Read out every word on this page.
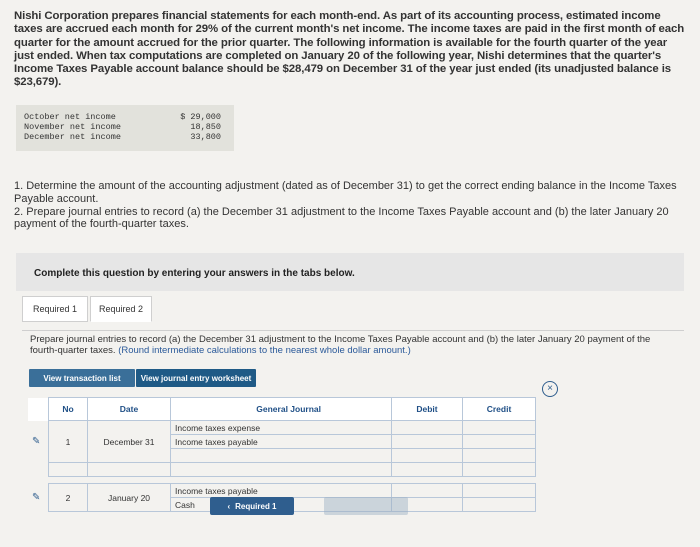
Nishi Corporation prepares financial statements for each month-end. As part of its accounting process, estimated income taxes are accrued each month for 29% of the current month's net income. The income taxes are paid in the first month of each quarter for the amount accrued for the prior quarter. The following information is available for the fourth quarter of the year just ended. When tax computations are completed on January 20 of the following year, Nishi determines that the quarter's Income Taxes Payable account balance should be $28,479 on December 31 of the year just ended (its unadjusted balance is $23,679).
October net income	$ 29,000
November net income	18,850
December net income	33,800

1. Determine the amount of the accounting adjustment (dated as of December 31) to get the correct ending balance in the Income Taxes Payable account.

2. Prepare journal entries to record (a) the December 31 adjustment to the Income Taxes Payable account and (b) the later January 20 payment of the fourth-quarter taxes.

Complete this question by entering your answers in the tabs below.
Required 1	Required 2
Prepare journal entries to record (a) the December 31 adjustment to the Income Taxes Payable account and (b) the later January 20 payment of the fourth-quarter taxes. (Round intermediate calculations to the nearest whole dollar amount.)
View transaction list	View journal entry worksheet
×
	No	Date	General Journal	Debit	Credit
✎	1	December 31	Income taxes expense		
			Income taxes payable		

✎	2	January 20	Income taxes payable		
			Cash			‹ Required 1
